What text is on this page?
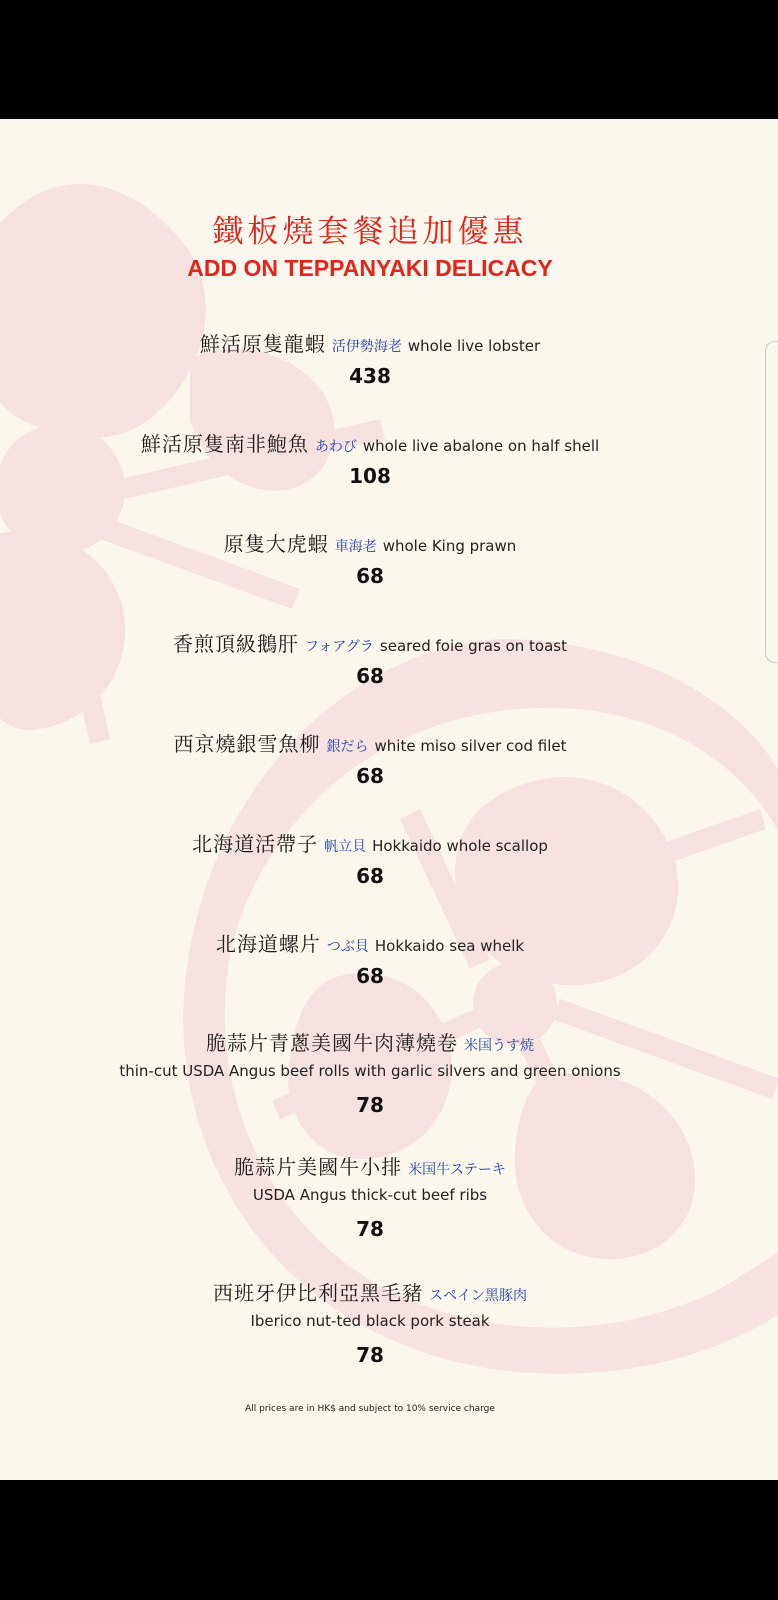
鐵板燒套餐追加優惠
ADD ON TEPPANYAKI DELICACY
鮮活原隻龍蝦 活伊勢海老 whole live lobster
438
鮮活原隻南非鮑魚 あわび whole live abalone on half shell
108
原隻大虎蝦 車海老 whole King prawn
68
香煎頂級鵝肝 フォアグラ seared foie gras on toast
68
西京燒銀雪魚柳 銀だら white miso silver cod filet
68
北海道活帶子 帆立貝 Hokkaido whole scallop
68
北海道螺片 つぶ貝 Hokkaido sea whelk
68
脆蒜片青蔥美國牛肉薄燒卷 米国うす焼
thin-cut USDA Angus beef rolls with garlic silvers and green onions
78
脆蒜片美國牛小排 米国牛ステーキ
USDA Angus thick-cut beef ribs
78
西班牙伊比利亞黑毛豬 スペイン黑豚肉
Iberico nut-ted black pork steak
78
All prices are in HK$ and subject to 10% service charge
